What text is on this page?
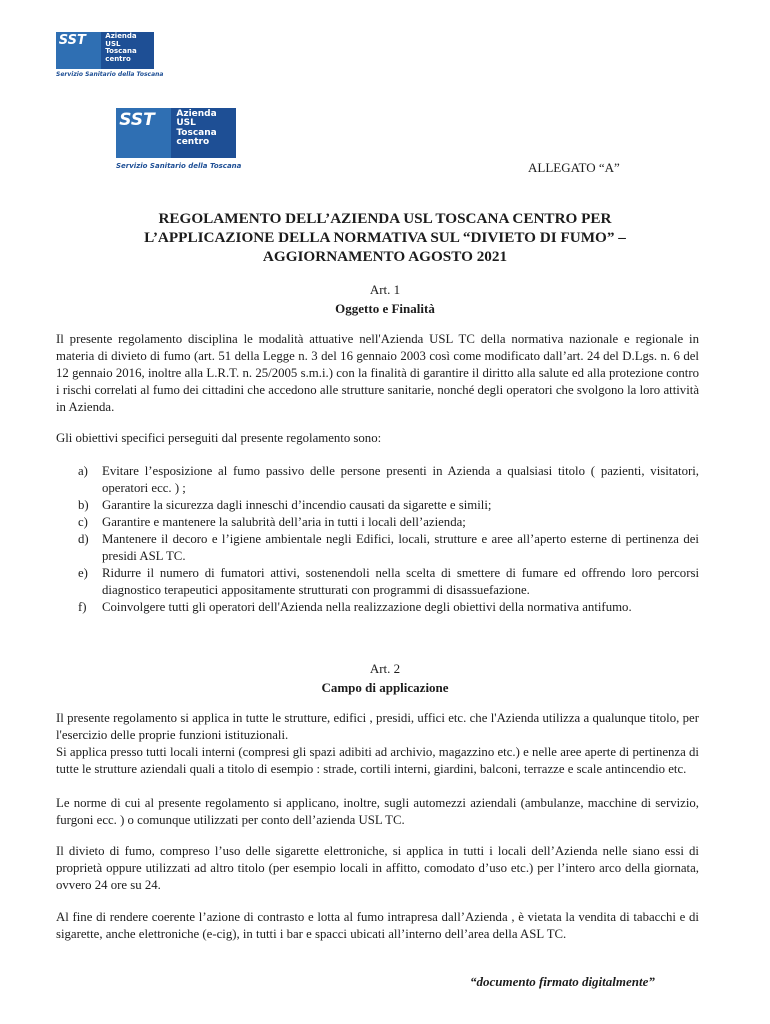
SST	Azienda
USL
Toscana
centro
Servizio Sanitario della Toscana
SST Azienda
USL
Toscana
centro
Servizio Sanitario della Toscana	ALLEGATO “A”
REGOLAMENTO DELL’AZIENDA USL TOSCANA CENTRO PER
L’APPLICAZIONE DELLA NORMATIVA SUL “DIVIETO DI FUMO” –
AGGIORNAMENTO AGOSTO 2021
Art. 1
Oggetto e Finalità
Il presente regolamento disciplina le modalità attuative nell'Azienda USL TC della normativa nazionale e regionale in materia di divieto di fumo (art. 51 della Legge n. 3 del 16 gennaio 2003 così come modificato dall’art. 24 del D.Lgs. n. 6 del 12 gennaio 2016, inoltre alla L.R.T. n. 25/2005 s.m.i.) con la finalità di garantire il diritto alla salute ed alla protezione contro i rischi correlati al fumo dei cittadini che accedono alle strutture sanitarie, nonché degli operatori che svolgono la loro attività in Azienda.
Gli obiettivi specifici perseguiti dal presente regolamento sono:
a) Evitare l’esposizione al fumo passivo delle persone presenti in Azienda a qualsiasi titolo ( pazienti, visitatori, operatori ecc. ) ;
b) Garantire la sicurezza dagli inneschi d’incendio causati da sigarette e simili;
c) Garantire e mantenere la salubrità dell’aria in tutti i locali dell’azienda;
d) Mantenere il decoro e l’igiene ambientale negli Edifici, locali, strutture e aree all’aperto esterne di pertinenza dei presidi ASL TC.
e) Ridurre il numero di fumatori attivi, sostenendoli nella scelta di smettere di fumare ed offrendo loro percorsi diagnostico terapeutici appositamente strutturati con programmi di disassuefazione.
f) Coinvolgere tutti gli operatori dell'Azienda nella realizzazione degli obiettivi della normativa antifumo.
Art. 2
Campo di applicazione
Il presente regolamento si applica in tutte le strutture, edifici , presidi, uffici etc. che l'Azienda utilizza a qualunque titolo, per l'esercizio delle proprie funzioni istituzionali.
Si applica presso tutti locali interni (compresi gli spazi adibiti ad archivio, magazzino etc.) e nelle aree aperte di pertinenza di tutte le strutture aziendali quali a titolo di esempio : strade, cortili interni, giardini, balconi, terrazze e scale antincendio etc.
Le norme di cui al presente regolamento si applicano, inoltre, sugli automezzi aziendali (ambulanze, macchine di servizio, furgoni ecc. ) o comunque utilizzati per conto dell’azienda USL TC.
Il divieto di fumo, compreso l’uso delle sigarette elettroniche, si applica in tutti i locali dell’Azienda nelle siano essi di proprietà oppure utilizzati ad altro titolo (per esempio locali in affitto, comodato d’uso etc.) per l’intero arco della giornata, ovvero 24 ore su 24.
Al fine di rendere coerente l’azione di contrasto e lotta al fumo intrapresa dall’Azienda , è vietata la vendita di tabacchi e di sigarette, anche elettroniche (e-cig), in tutti i bar e spacci ubicati all’interno dell’area della ASL TC.
“documento firmato digitalmente”
